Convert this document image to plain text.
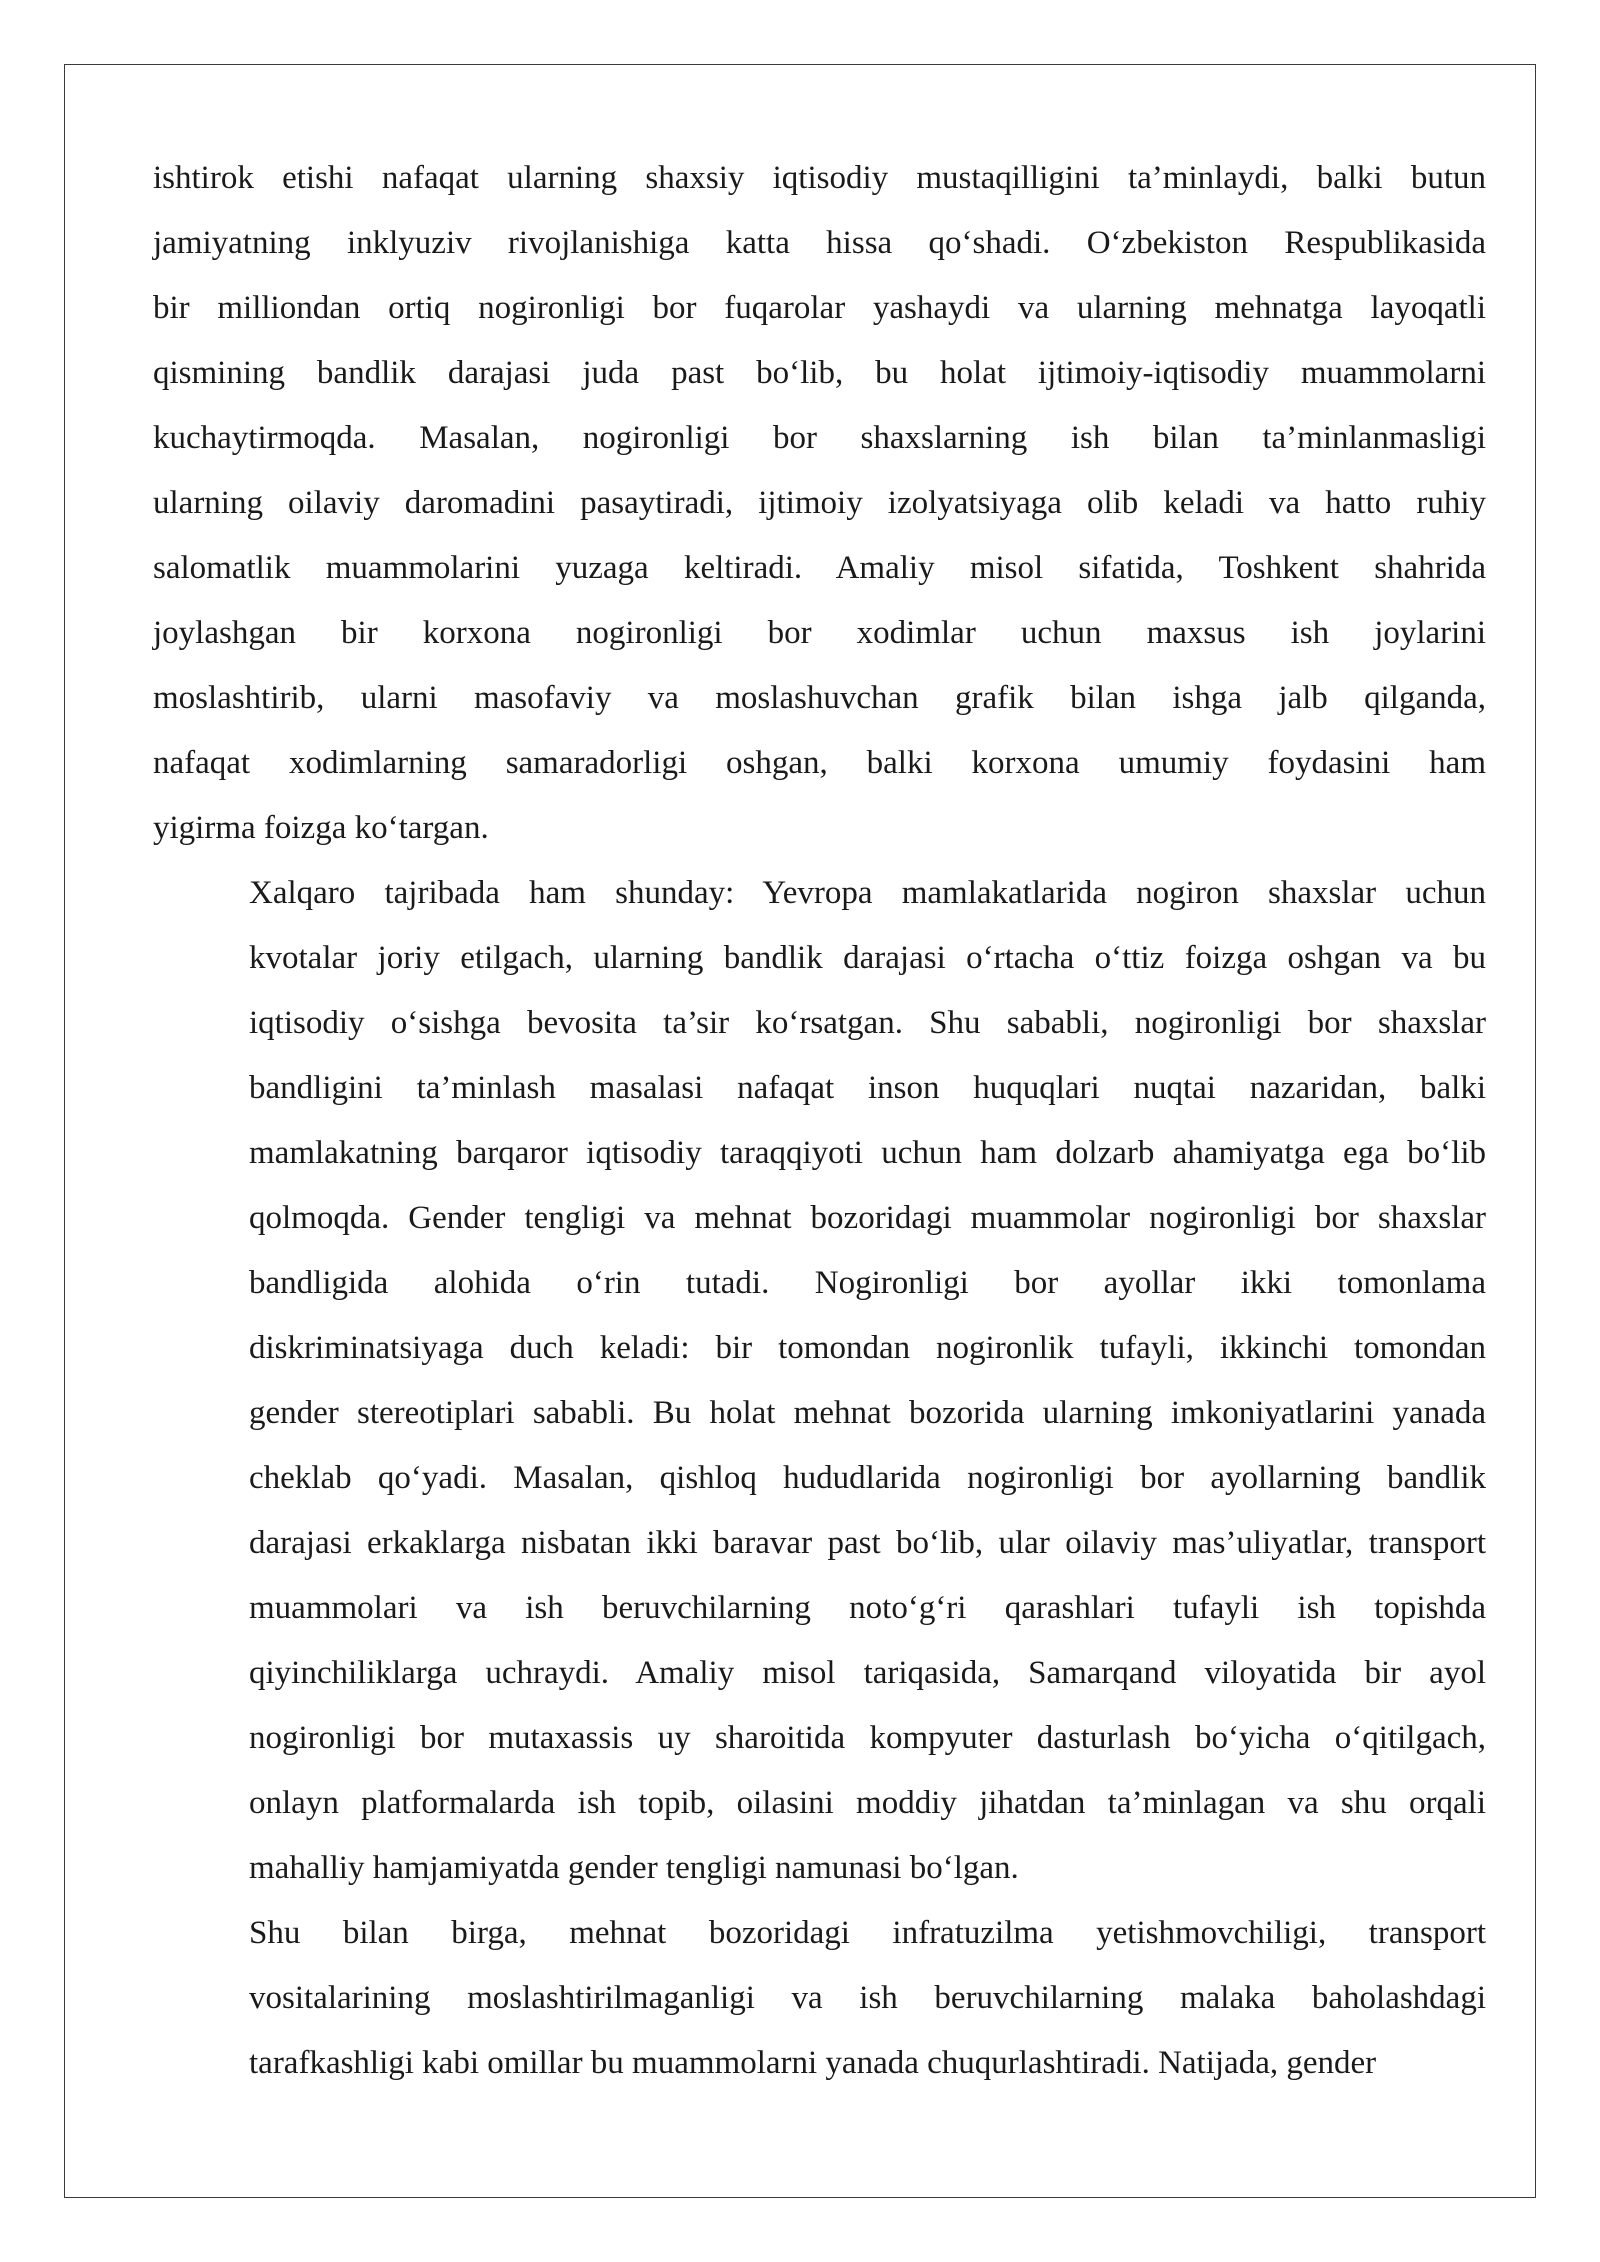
ishtirok etishi nafaqat ularning shaxsiy iqtisodiy mustaqilligini ta’minlaydi, balki butun
jamiyatning inklyuziv rivojlanishiga katta hissa qo‘shadi. O‘zbekiston Respublikasida
bir milliondan ortiq nogironligi bor fuqarolar yashaydi va ularning mehnatga layoqatli
qismining bandlik darajasi juda past bo‘lib, bu holat ijtimoiy-iqtisodiy muammolarni
kuchaytirmoqda. Masalan, nogironligi bor shaxslarning ish bilan ta’minlanmasligi
ularning oilaviy daromadini pasaytiradi, ijtimoiy izolyatsiyaga olib keladi va hatto ruhiy
salomatlik muammolarini yuzaga keltiradi. Amaliy misol sifatida, Toshkent shahrida
joylashgan bir korxona nogironligi bor xodimlar uchun maxsus ish joylarini
moslashtirib, ularni masofaviy va moslashuvchan grafik bilan ishga jalb qilganda,
nafaqat xodimlarning samaradorligi oshgan, balki korxona umumiy foydasini ham
yigirma foizga ko‘targan.

Xalqaro tajribada ham shunday: Yevropa mamlakatlarida nogiron shaxslar uchun
kvotalar joriy etilgach, ularning bandlik darajasi o‘rtacha o‘ttiz foizga oshgan va bu
iqtisodiy o‘sishga bevosita ta’sir ko‘rsatgan. Shu sababli, nogironligi bor shaxslar
bandligini ta’minlash masalasi nafaqat inson huquqlari nuqtai nazaridan, balki
mamlakatning barqaror iqtisodiy taraqqiyoti uchun ham dolzarb ahamiyatga ega bo‘lib
qolmoqda. Gender tengligi va mehnat bozoridagi muammolar nogironligi bor shaxslar
bandligida alohida o‘rin tutadi. Nogironligi bor ayollar ikki tomonlama
diskriminatsiyaga duch keladi: bir tomondan nogironlik tufayli, ikkinchi tomondan
gender stereotiplari sababli. Bu holat mehnat bozorida ularning imkoniyatlarini yanada
cheklab qo‘yadi. Masalan, qishloq hududlarida nogironligi bor ayollarning bandlik
darajasi erkaklarga nisbatan ikki baravar past bo‘lib, ular oilaviy mas’uliyatlar, transport
muammolari va ish beruvchilarning noto‘g‘ri qarashlari tufayli ish topishda
qiyinchiliklarga uchraydi. Amaliy misol tariqasida, Samarqand viloyatida bir ayol
nogironligi bor mutaxassis uy sharoitida kompyuter dasturlash bo‘yicha o‘qitilgach,
onlayn platformalarda ish topib, oilasini moddiy jihatdan ta’minlagan va shu orqali
mahalliy hamjamiyatda gender tengligi namunasi bo‘lgan.

Shu bilan birga, mehnat bozoridagi infratuzilma yetishmovchiligi, transport
vositalarining moslashtirilmaganligi va ish beruvchilarning malaka baholashdagi
tarafkashligi kabi omillar bu muammolarni yanada chuqurlashtiradi. Natijada, gender
